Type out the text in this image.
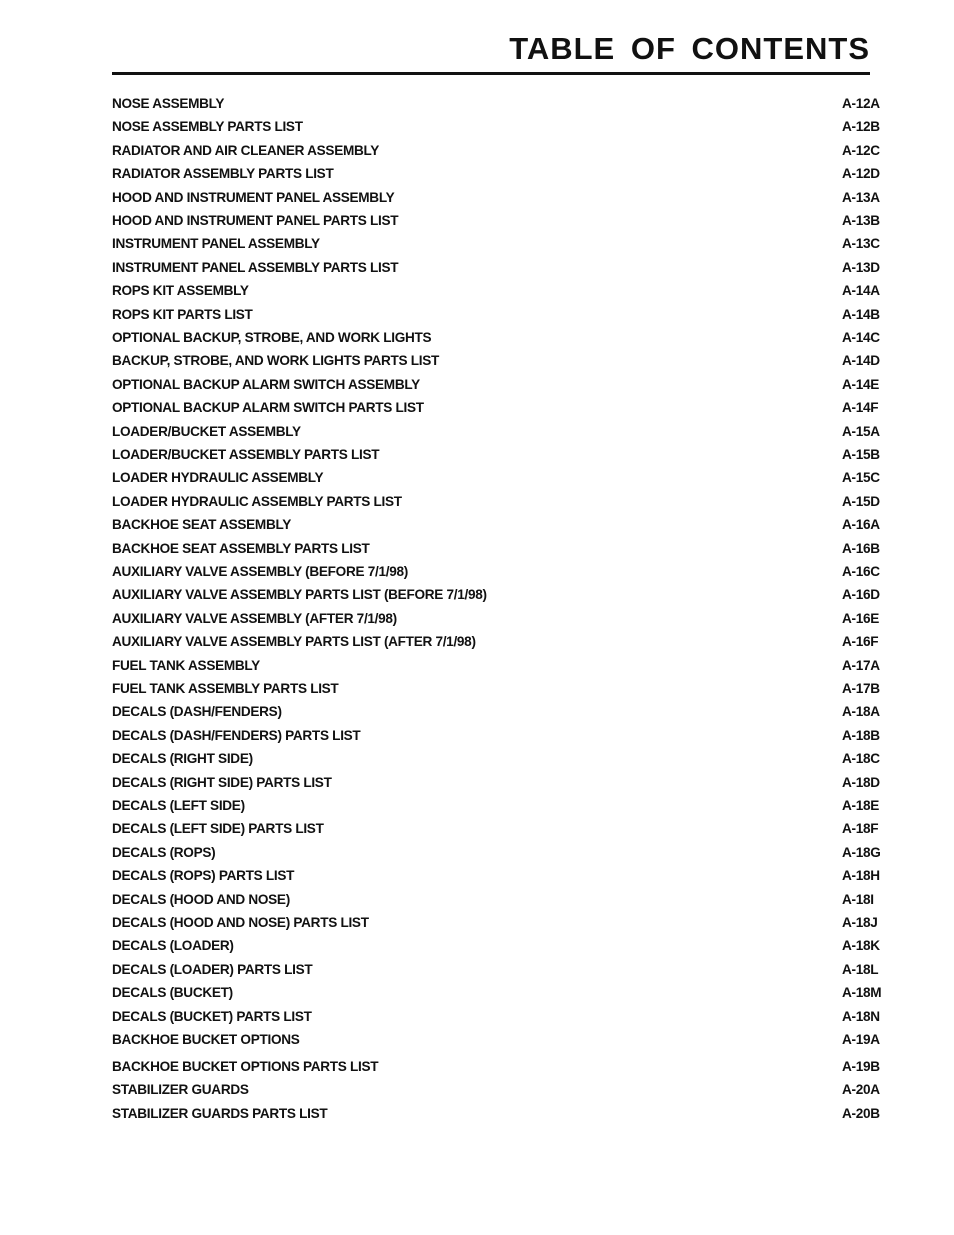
TABLE OF CONTENTS
NOSE ASSEMBLY	A-12A
NOSE ASSEMBLY PARTS LIST	A-12B
RADIATOR AND AIR CLEANER ASSEMBLY	A-12C
RADIATOR ASSEMBLY PARTS LIST	A-12D
HOOD AND INSTRUMENT PANEL ASSEMBLY	A-13A
HOOD AND INSTRUMENT PANEL PARTS LIST	A-13B
INSTRUMENT PANEL ASSEMBLY	A-13C
INSTRUMENT PANEL ASSEMBLY PARTS LIST	A-13D
ROPS KIT ASSEMBLY	A-14A
ROPS KIT PARTS LIST	A-14B
OPTIONAL BACKUP, STROBE, AND WORK LIGHTS	A-14C
BACKUP, STROBE, AND WORK LIGHTS PARTS LIST	A-14D
OPTIONAL BACKUP ALARM SWITCH ASSEMBLY	A-14E
OPTIONAL BACKUP ALARM SWITCH PARTS LIST	A-14F
LOADER/BUCKET ASSEMBLY	A-15A
LOADER/BUCKET ASSEMBLY PARTS LIST	A-15B
LOADER HYDRAULIC ASSEMBLY	A-15C
LOADER HYDRAULIC ASSEMBLY PARTS LIST	A-15D
BACKHOE SEAT ASSEMBLY	A-16A
BACKHOE SEAT ASSEMBLY PARTS LIST	A-16B
AUXILIARY VALVE ASSEMBLY (BEFORE 7/1/98)	A-16C
AUXILIARY VALVE ASSEMBLY PARTS LIST (BEFORE 7/1/98)	A-16D
AUXILIARY VALVE ASSEMBLY (AFTER 7/1/98)	A-16E
AUXILIARY VALVE ASSEMBLY PARTS LIST (AFTER 7/1/98)	A-16F
FUEL TANK ASSEMBLY	A-17A
FUEL TANK ASSEMBLY PARTS LIST	A-17B
DECALS (DASH/FENDERS)	A-18A
DECALS (DASH/FENDERS) PARTS LIST	A-18B
DECALS (RIGHT SIDE)	A-18C
DECALS (RIGHT SIDE) PARTS LIST	A-18D
DECALS (LEFT SIDE)	A-18E
DECALS (LEFT SIDE) PARTS LIST	A-18F
DECALS (ROPS)	A-18G
DECALS (ROPS) PARTS LIST	A-18H
DECALS (HOOD AND NOSE)	A-18I
DECALS (HOOD AND NOSE) PARTS LIST	A-18J
DECALS (LOADER)	A-18K
DECALS (LOADER) PARTS LIST	A-18L
DECALS (BUCKET)	A-18M
DECALS (BUCKET) PARTS LIST	A-18N
BACKHOE BUCKET OPTIONS	A-19A
BACKHOE BUCKET OPTIONS PARTS LIST	A-19B
STABILIZER GUARDS	A-20A
STABILIZER GUARDS PARTS LIST	A-20B
